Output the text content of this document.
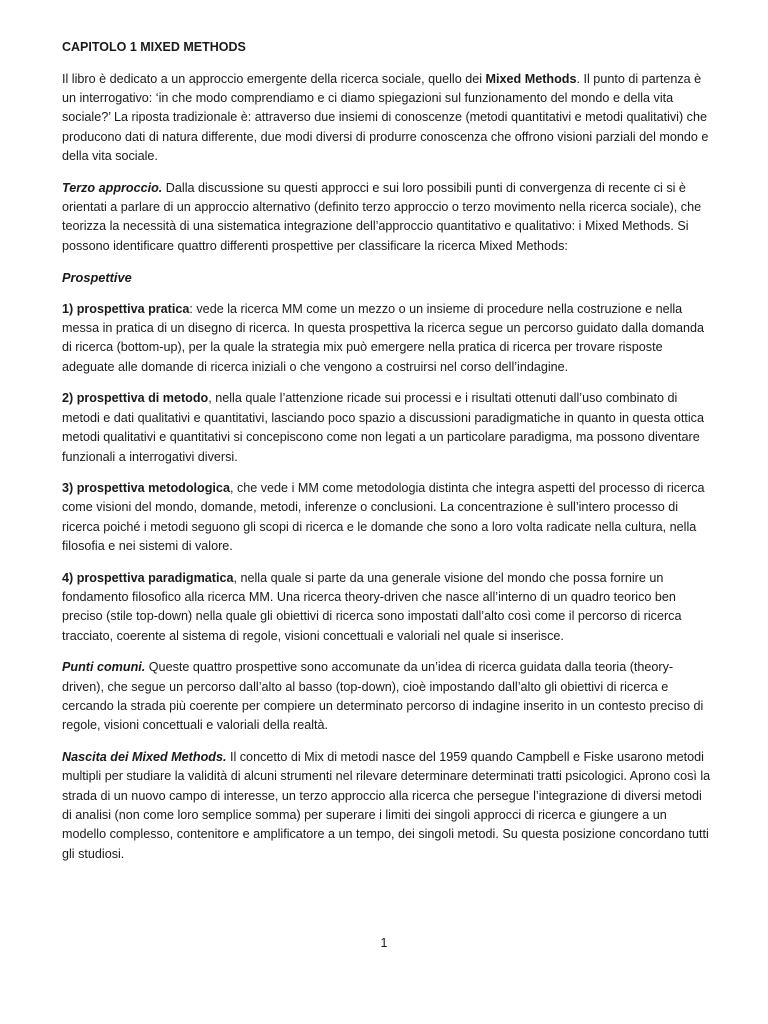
CAPITOLO 1 MIXED METHODS

Il libro è dedicato a un approccio emergente della ricerca sociale, quello dei Mixed Methods. Il punto di partenza è un interrogativo: ‘in che modo comprendiamo e ci diamo spiegazioni sul funzionamento del mondo e della vita sociale?’ La riposta tradizionale è: attraverso due insiemi di conoscenze (metodi quantitativi e metodi qualitativi) che producono dati di natura differente, due modi diversi di produrre conoscenza che offrono visioni parziali del mondo e della vita sociale.

Terzo approccio. Dalla discussione su questi approcci e sui loro possibili punti di convergenza di recente ci si è orientati a parlare di un approccio alternativo (definito terzo approccio o terzo movimento nella ricerca sociale), che teorizza la necessità di una sistematica integrazione dell’approccio quantitativo e qualitativo: i Mixed Methods. Si possono identificare quattro differenti prospettive per classificare la ricerca Mixed Methods:

Prospettive

1) prospettiva pratica: vede la ricerca MM come un mezzo o un insieme di procedure nella costruzione e nella messa in pratica di un disegno di ricerca. In questa prospettiva la ricerca segue un percorso guidato dalla domanda di ricerca (bottom-up), per la quale la strategia mix può emergere nella pratica di ricerca per trovare risposte adeguate alle domande di ricerca iniziali o che vengono a costruirsi nel corso dell’indagine.

2) prospettiva di metodo, nella quale l’attenzione ricade sui processi e i risultati ottenuti dall’uso combinato di metodi e dati qualitativi e quantitativi, lasciando poco spazio a discussioni paradigmatiche in quanto in questa ottica metodi qualitativi e quantitativi si concepiscono come non legati a un particolare paradigma, ma possono diventare funzionali a interrogativi diversi.

3) prospettiva metodologica, che vede i MM come metodologia distinta che integra aspetti del processo di ricerca come visioni del mondo, domande, metodi, inferenze o conclusioni. La concentrazione è sull’intero processo di ricerca poiché i metodi seguono gli scopi di ricerca e le domande che sono a loro volta radicate nella cultura, nella filosofia e nei sistemi di valore.

4) prospettiva paradigmatica, nella quale si parte da una generale visione del mondo che possa fornire un fondamento filosofico alla ricerca MM. Una ricerca theory-driven che nasce all’interno di un quadro teorico ben preciso (stile top-down) nella quale gli obiettivi di ricerca sono impostati dall’alto così come il percorso di ricerca tracciato, coerente al sistema di regole, visioni concettuali e valoriali nel quale si inserisce.

Punti comuni. Queste quattro prospettive sono accomunate da un’idea di ricerca guidata dalla teoria (theory-driven), che segue un percorso dall’alto al basso (top-down), cioè impostando dall’alto gli obiettivi di ricerca e cercando la strada più coerente per compiere un determinato percorso di indagine inserito in un contesto preciso di regole, visioni concettuali e valoriali della realtà.

Nascita dei Mixed Methods. Il concetto di Mix di metodi nasce del 1959 quando Campbell e Fiske usarono metodi multipli per studiare la validità di alcuni strumenti nel rilevare determinare determinati tratti psicologici. Aprono così la strada di un nuovo campo di interesse, un terzo approccio alla ricerca che persegue l’integrazione di diversi metodi di analisi (non come loro semplice somma) per superare i limiti dei singoli approcci di ricerca e giungere a un modello complesso, contenitore e amplificatore a un tempo, dei singoli metodi. Su questa posizione concordano tutti gli studiosi.

1
